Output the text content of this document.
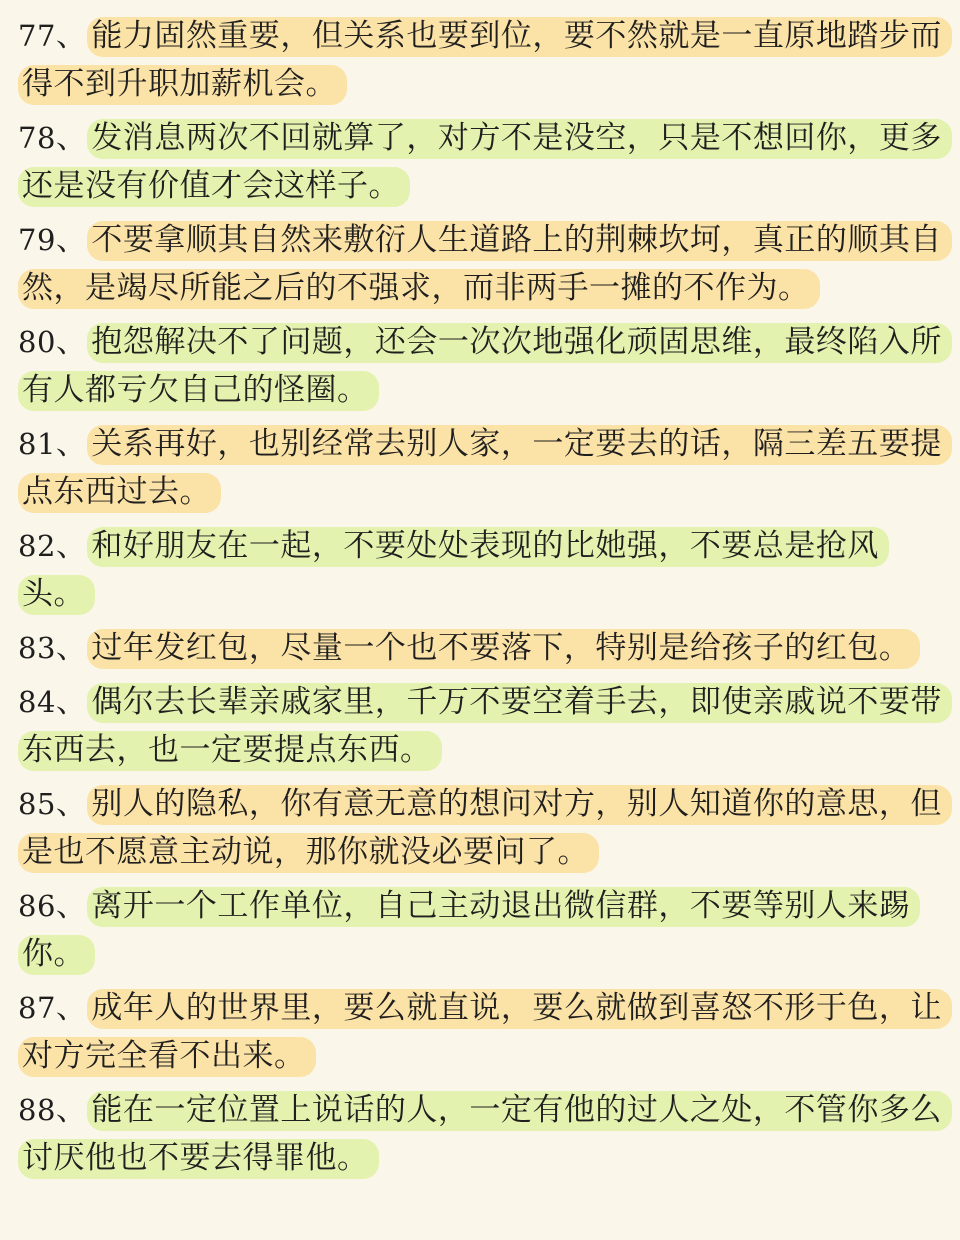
77、 能力固然重要，但关系也要到位，要不然就是一直原地踏步而得不到升职加薪机会。

78、 发消息两次不回就算了，对方不是没空，只是不想回你，更多还是没有价值才会这样子。

79、 不要拿顺其自然来敷衍人生道路上的荆棘坎坷，真正的顺其自然，是竭尽所能之后的不强求，而非两手一摊的不作为。

80、 抱怨解决不了问题，还会一次次地强化顽固思维，最终陷入所有人都亏欠自己的怪圈。

81、 关系再好，也别经常去别人家，一定要去的话，隔三差五要提点东西过去。

82、 和好朋友在一起，不要处处表现的比她强，不要总是抢风头。

83、 过年发红包，尽量一个也不要落下，特别是给孩子的红包。

84、 偶尔去长辈亲戚家里，千万不要空着手去，即使亲戚说不要带东西去，也一定要提点东西。

85、 别人的隐私，你有意无意的想问对方，别人知道你的意思，但是也不愿意主动说，那你就没必要问了。

86、 离开一个工作单位，自己主动退出微信群，不要等别人来踢你。

87、 成年人的世界里，要么就直说，要么就做到喜怒不形于色，让对方完全看不出来。

88、 能在一定位置上说话的人，一定有他的过人之处，不管你多么讨厌他也不要去得罪他。
